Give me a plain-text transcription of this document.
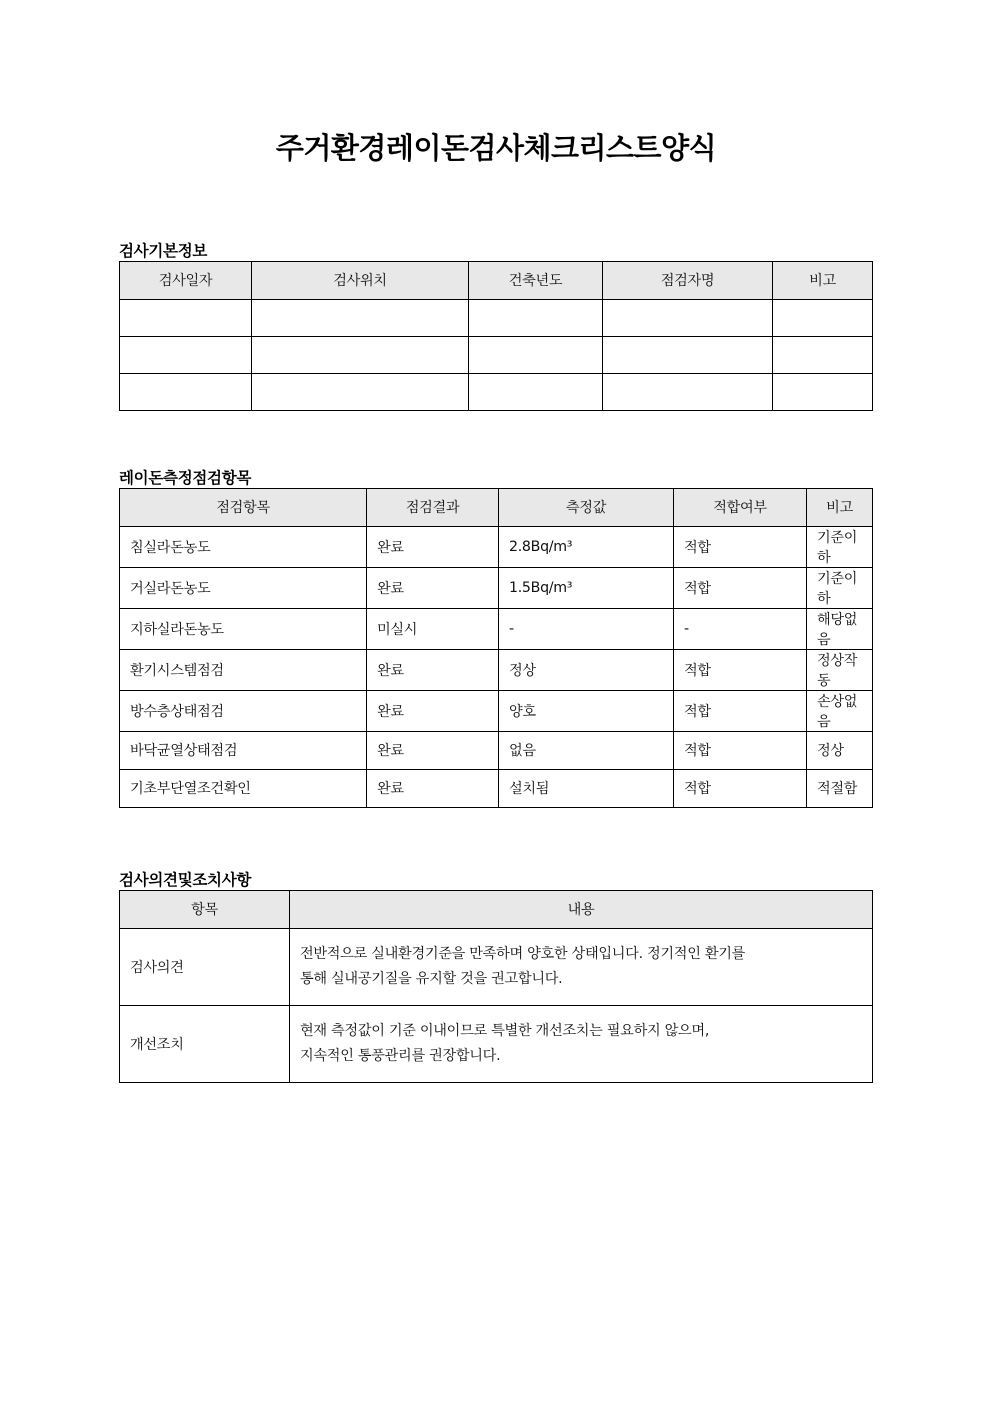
주거환경레이돈검사체크리스트양식
검사기본정보
검사일자	검사위치	건축년도	점검자명	비고

레이돈측정점검항목
점검항목	점검결과	측정값	적합여부	비고
침실라돈농도	완료	2.8Bq/m³	적합	기준이하
거실라돈농도	완료	1.5Bq/m³	적합	기준이하
지하실라돈농도	미실시	-	-	해당없음
환기시스템점검	완료	정상	적합	정상작동
방수층상태점검	완료	양호	적합	손상없음
바닥균열상태점검	완료	없음	적합	정상
기초부단열조건확인	완료	설치됨	적합	적절함
검사의견및조치사항
항목	내용
검사의견	전반적으로 실내환경기준을 만족하며 양호한 상태입니다. 정기적인 환기를
통해 실내공기질을 유지할 것을 권고합니다.

개선조치	현재 측정값이 기준 이내이므로 특별한 개선조치는 필요하지 않으며,
지속적인 통풍관리를 권장합니다.
